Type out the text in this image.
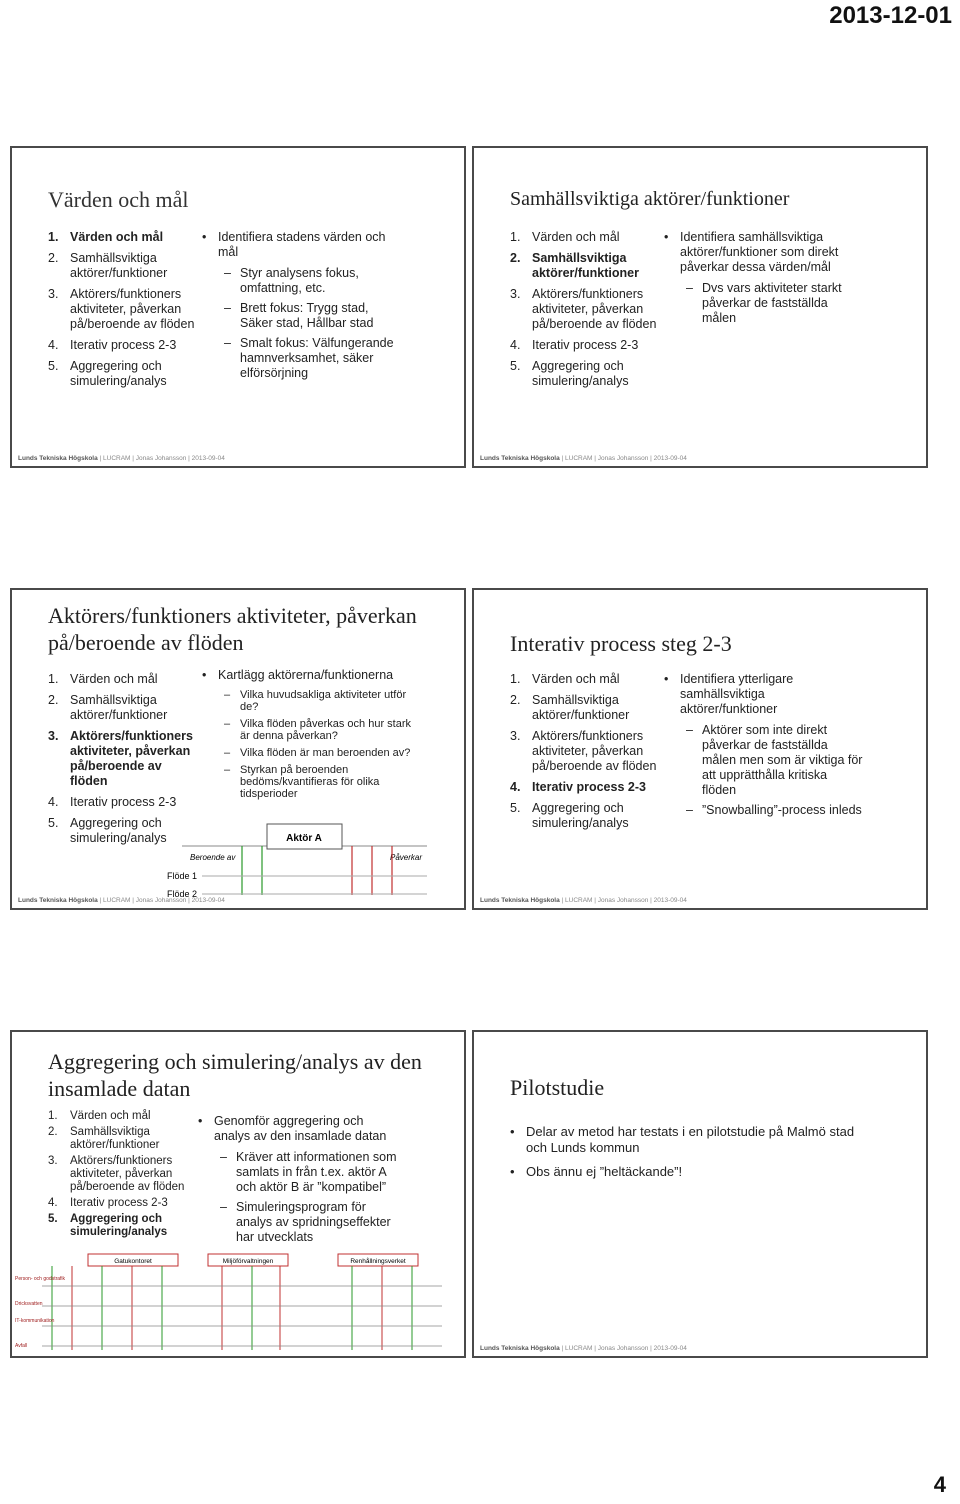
2013-12-01
Värden och mål
1. Värden och mål
2. Samhällsviktiga aktörer/funktioner
3. Aktörers/funktioners aktiviteter, påverkan på/beroende av flöden
4. Iterativ process 2-3
5. Aggregering och simulering/analys
• Identifiera stadens värden och mål
– Styr analysens fokus, omfattning, etc.
– Brett fokus: Trygg stad, Säker stad, Hållbar stad
– Smalt fokus: Välfungerande hamnverksamhet, säker elförsörjning
Lunds Tekniska Högskola | LUCRAM | Jonas Johansson | 2013-09-04
Samhällsviktiga aktörer/funktioner
1. Värden och mål
2. Samhällsviktiga aktörer/funktioner
3. Aktörers/funktioners aktiviteter, påverkan på/beroende av flöden
4. Iterativ process 2-3
5. Aggregering och simulering/analys
• Identifiera samhällsviktiga aktörer/funktioner som direkt påverkar dessa värden/mål
– Dvs vars aktiviteter starkt påverkar de fastställda målen
Lunds Tekniska Högskola | LUCRAM | Jonas Johansson | 2013-09-04
Aktörers/funktioners aktiviteter, påverkan på/beroende av flöden
1. Värden och mål
2. Samhällsviktiga aktörer/funktioner
3. Aktörers/funktioners aktiviteter, påverkan på/beroende av flöden
4. Iterativ process 2-3
5. Aggregering och simulering/analys
• Kartlägg aktörerna/funktionerna
– Vilka huvudsakliga aktiviteter utför de?
– Vilka flöden påverkas och hur stark är denna påverkan?
– Vilka flöden är man beroenden av?
– Styrkan på beroenden bedöms/kvantifieras för olika tidsperioder
Aktör A
Beroende av	Påverkar
Flöde 1
Flöde 2
Lunds Tekniska Högskola | LUCRAM | Jonas Johansson | 2013-09-04
Interativ process steg 2-3
1. Värden och mål
2. Samhällsviktiga aktörer/funktioner
3. Aktörers/funktioners aktiviteter, påverkan på/beroende av flöden
4. Iterativ process 2-3
5. Aggregering och simulering/analys
• Identifiera ytterligare samhällsviktiga aktörer/funktioner
– Aktörer som inte direkt påverkar de fastställda målen men som är viktiga för att upprätthålla kritiska flöden
– ”Snowballing”-process inleds
Lunds Tekniska Högskola | LUCRAM | Jonas Johansson | 2013-09-04
Aggregering och simulering/analys av den insamlade datan
1.	Värden och mål
2.	Samhällsviktiga aktörer/funktioner
3.	Aktörers/funktioners aktiviteter, påverkan på/beroende av flöden
4.	Iterativ process 2-3
5.	Aggregering och simulering/analys
• Genomför aggregering och analys av den insamlade datan
– Kräver att informationen som samlats in från t.ex. aktör A och aktör B är ”kompatibel”
– Simuleringsprogram för analys av spridningseffekter har utvecklats
Gatukontoret	Miljöförvaltningen	Renhållningsverket
Person- och godstrafik
Dricksvatten
IT-kommunikation
Avfall
Pilotstudie
• Delar av metod har testats i en pilotstudie på Malmö stad och Lunds kommun
• Obs ännu ej ”heltäckande”!
Lunds Tekniska Högskola | LUCRAM | Jonas Johansson | 2013-09-04
4
